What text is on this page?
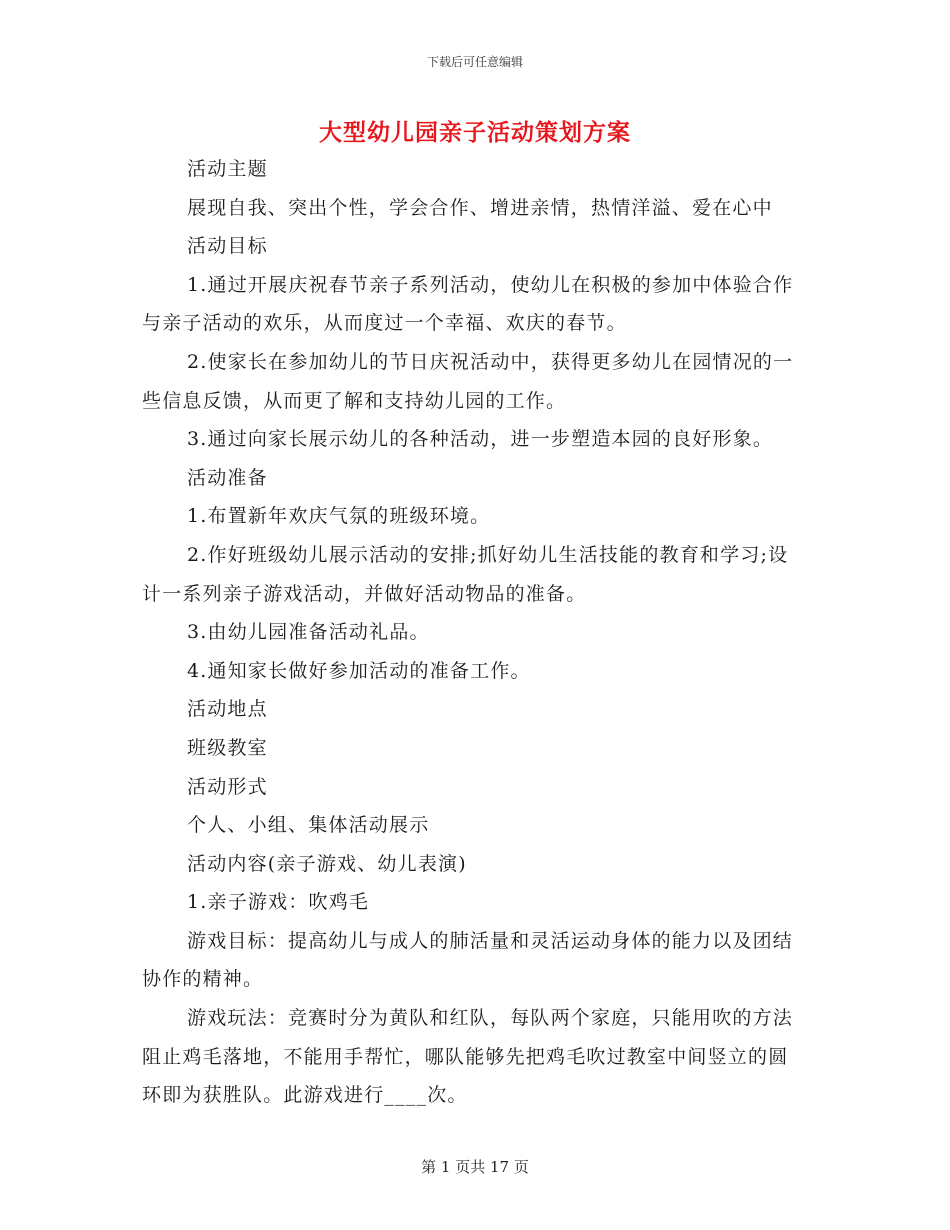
下载后可任意编辑
大型幼儿园亲子活动策划方案

活动主题

展现自我、突出个性，学会合作、增进亲情，热情洋溢、爱在心中

活动目标

1.通过开展庆祝春节亲子系列活动，使幼儿在积极的参加中体验合作与亲子活动的欢乐，从而度过一个幸福、欢庆的春节。

2.使家长在参加幼儿的节日庆祝活动中，获得更多幼儿在园情况的一些信息反馈，从而更了解和支持幼儿园的工作。

3.通过向家长展示幼儿的各种活动，进一步塑造本园的良好形象。

活动准备

1.布置新年欢庆气氛的班级环境。

2.作好班级幼儿展示活动的安排;抓好幼儿生活技能的教育和学习;设计一系列亲子游戏活动，并做好活动物品的准备。

3.由幼儿园准备活动礼品。

4.通知家长做好参加活动的准备工作。

活动地点

班级教室

活动形式

个人、小组、集体活动展示

活动内容(亲子游戏、幼儿表演)

1.亲子游戏：吹鸡毛

游戏目标：提高幼儿与成人的肺活量和灵活运动身体的能力以及团结协作的精神。

游戏玩法：竞赛时分为黄队和红队，每队两个家庭，只能用吹的方法阻止鸡毛落地，不能用手帮忙，哪队能够先把鸡毛吹过教室中间竖立的圆环即为获胜队。此游戏进行____次。

第 1 页共 17 页
